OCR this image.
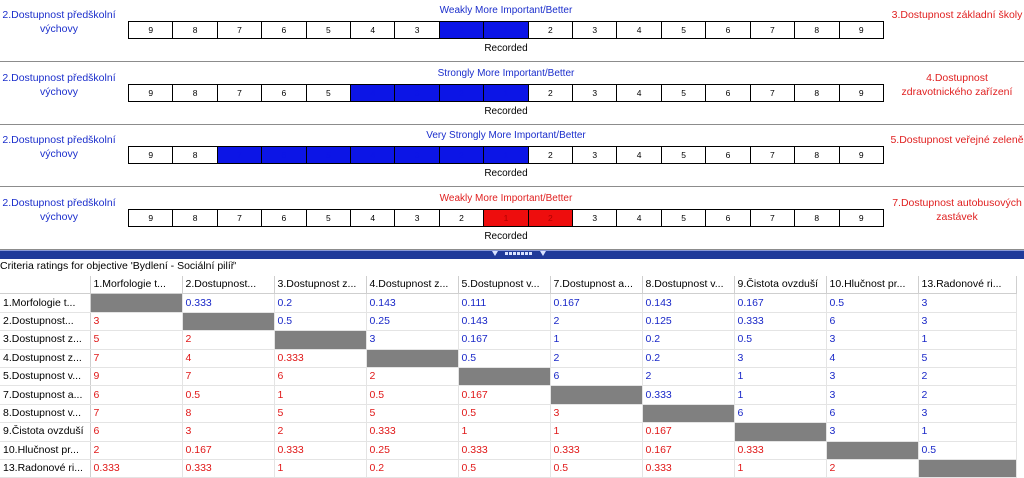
Weakly More Important/Better
2.Dostupnost předškolní výchovy
3.Dostupnost základní školy
9	8	7	6	5	4	3	2	1	2	3	4	5	6	7	8	9
Recorded
Strongly More Important/Better
2.Dostupnost předškolní výchovy
4.Dostupnost zdravotnického zařízení
9	8	7	6	5	4	3	2	1	2	3	4	5	6	7	8	9
Recorded
Very Strongly More Important/Better
2.Dostupnost předškolní výchovy
5.Dostupnost veřejné zeleně
9	8	7	6	5	4	3	2	1	2	3	4	5	6	7	8	9
Recorded
Weakly More Important/Better
2.Dostupnost předškolní výchovy
7.Dostupnost autobusových zastávek
9	8	7	6	5	4	3	2	1	2	3	4	5	6	7	8	9
Recorded
Criteria ratings for objective 'Bydlení - Sociální pilíř'
	1.Morfologie t...	2.Dostupnost...	3.Dostupnost z...	4.Dostupnost z...	5.Dostupnost v...	7.Dostupnost a...	8.Dostupnost v...	9.Čistota ovzduší	10.Hlučnost pr...	13.Radonové ri...
1.Morfologie t...		0.333	0.2	0.143	0.111	0.167	0.143	0.167	0.5	3
2.Dostupnost...	3		0.5	0.25	0.143	2	0.125	0.333	6	3
3.Dostupnost z...	5	2		3	0.167	1	0.2	0.5	3	1
4.Dostupnost z...	7	4	0.333		0.5	2	0.2	3	4	5
5.Dostupnost v...	9	7	6	2		6	2	1	3	2
7.Dostupnost a...	6	0.5	1	0.5	0.167		0.333	1	3	2
8.Dostupnost v...	7	8	5	5	0.5	3		6	6	3
9.Čistota ovzduší	6	3	2	0.333	1	1	0.167		3	1
10.Hlučnost pr...	2	0.167	0.333	0.25	0.333	0.333	0.167	0.333		0.5
13.Radonové ri...	0.333	0.333	1	0.2	0.5	0.5	0.333	1	2	
